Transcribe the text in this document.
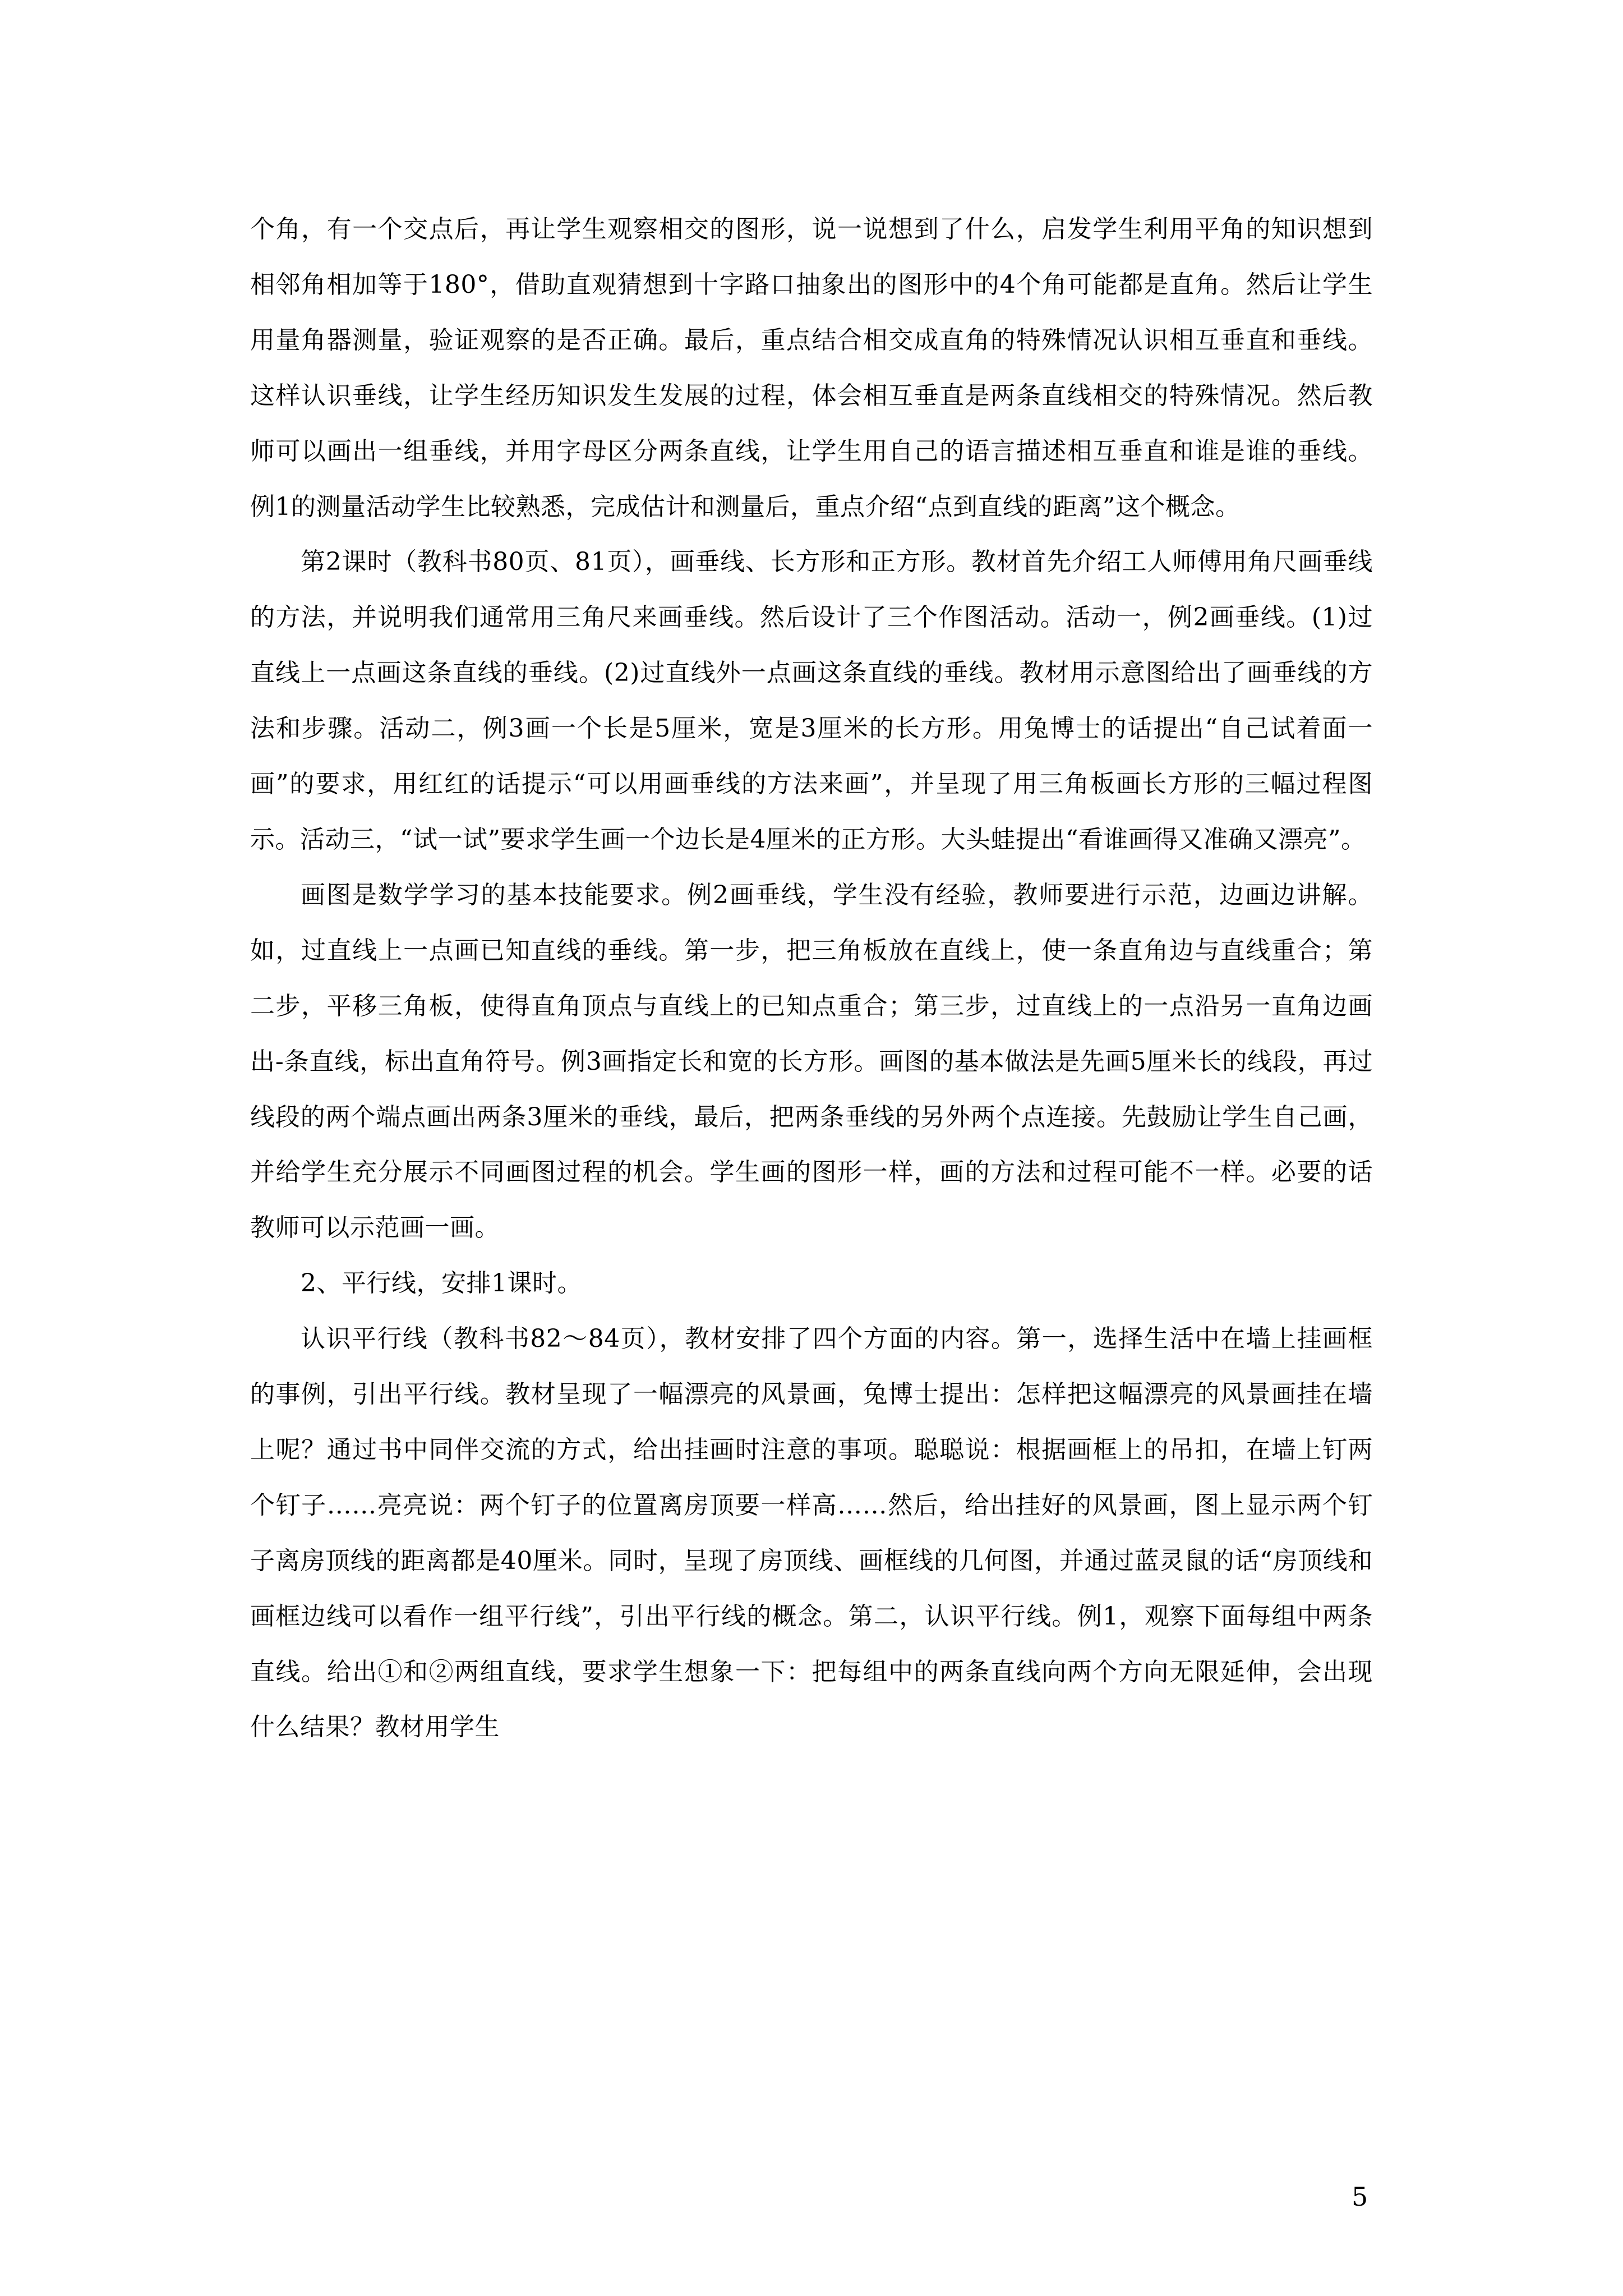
个角，有一个交点后，再让学生观察相交的图形，说一说想到了什么，启发学生利用平角的知识想到相邻角相加等于180°，借助直观猜想到十字路口抽象出的图形中的4个角可能都是直角。然后让学生用量角器测量，验证观察的是否正确。最后，重点结合相交成直角的特殊情况认识相互垂直和垂线。这样认识垂线，让学生经历知识发生发展的过程，体会相互垂直是两条直线相交的特殊情况。然后教师可以画出一组垂线，并用字母区分两条直线，让学生用自己的语言描述相互垂直和谁是谁的垂线。例1的测量活动学生比较熟悉，完成估计和测量后，重点介绍“点到直线的距离”这个概念。

第2课时（教科书80页、81页），画垂线、长方形和正方形。教材首先介绍工人师傅用角尺画垂线的方法，并说明我们通常用三角尺来画垂线。然后设计了三个作图活动。活动一，例2画垂线。(1)过直线上一点画这条直线的垂线。(2)过直线外一点画这条直线的垂线。教材用示意图给出了画垂线的方法和步骤。活动二，例3画一个长是5厘米，宽是3厘米的长方形。用兔博士的话提出“自己试着面一画”的要求，用红红的话提示“可以用画垂线的方法来画”，并呈现了用三角板画长方形的三幅过程图示。活动三，“试一试”要求学生画一个边长是4厘米的正方形。大头蛙提出“看谁画得又准确又漂亮”。

画图是数学学习的基本技能要求。例2画垂线，学生没有经验，教师要进行示范，边画边讲解。如，过直线上一点画已知直线的垂线。第一步，把三角板放在直线上，使一条直角边与直线重合；第二步，平移三角板，使得直角顶点与直线上的已知点重合；第三步，过直线上的一点沿另一直角边画出-条直线，标出直角符号。例3画指定长和宽的长方形。画图的基本做法是先画5厘米长的线段，再过线段的两个端点画出两条3厘米的垂线，最后，把两条垂线的另外两个点连接。先鼓励让学生自己画，并给学生充分展示不同画图过程的机会。学生画的图形一样，画的方法和过程可能不一样。必要的话教师可以示范画一画。

2、平行线，安排1课时。

认识平行线（教科书82～84页），教材安排了四个方面的内容。第一，选择生活中在墙上挂画框的事例，引出平行线。教材呈现了一幅漂亮的风景画，兔博士提出：怎样把这幅漂亮的风景画挂在墙上呢？通过书中同伴交流的方式，给出挂画时注意的事项。聪聪说：根据画框上的吊扣，在墙上钉两个钉子……亮亮说：两个钉子的位置离房顶要一样高……然后，给出挂好的风景画，图上显示两个钉子离房顶线的距离都是40厘米。同时，呈现了房顶线、画框线的几何图，并通过蓝灵鼠的话“房顶线和画框边线可以看作一组平行线”，引出平行线的概念。第二，认识平行线。例1，观察下面每组中两条直线。给出①和②两组直线，要求学生想象一下：把每组中的两条直线向两个方向无限延伸，会出现什么结果？教材用学生

5
